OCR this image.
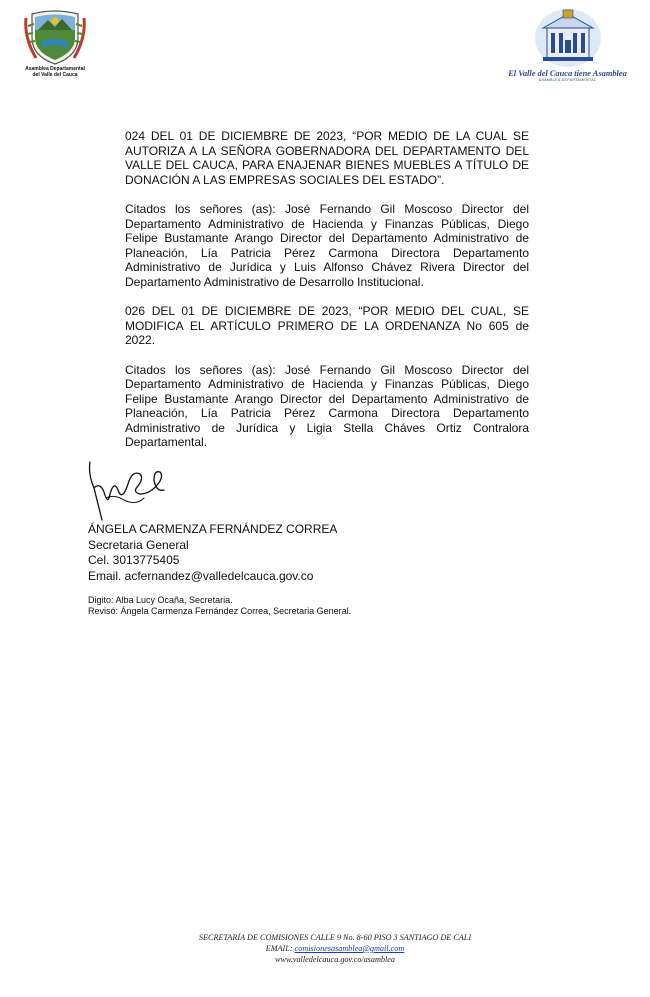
Asamblea Departamental
del Valle del Cauca	El Valle del Cauca tiene Asamblea
ASAMBLEA DEPARTAMENTAL

024 DEL 01 DE DICIEMBRE DE 2023, “POR MEDIO DE LA CUAL SE AUTORIZA A LA SEÑORA GOBERNADORA DEL DEPARTAMENTO DEL VALLE DEL CAUCA, PARA ENAJENAR BIENES MUEBLES A TÍTULO DE DONACIÓN A LAS EMPRESAS SOCIALES DEL ESTADO”.

Citados los señores (as): José Fernando Gil Moscoso Director del Departamento Administrativo de Hacienda y Finanzas Públicas, Diego Felipe Bustamante Arango Director del Departamento Administrativo de Planeación, Lía Patricia Pérez Carmona Directora Departamento Administrativo de Jurídica y Luis Alfonso Chávez Rivera Director del Departamento Administrativo de Desarrollo Institucional.

026 DEL 01 DE DICIEMBRE DE 2023, “POR MEDIO DEL CUAL, SE MODIFICA EL ARTÍCULO PRIMERO DE LA ORDENANZA No 605 de 2022.

Citados los señores (as): José Fernando Gil Moscoso Director del Departamento Administrativo de Hacienda y Finanzas Públicas, Diego Felipe Bustamante Arango Director del Departamento Administrativo de Planeación, Lía Patricia Pérez Carmona Directora Departamento Administrativo de Jurídica y Ligia Stella Cháves Ortiz Contralora Departamental.

ÁNGELA CARMENZA FERNÁNDEZ CORREA
Secretaria General
Cel. 3013775405
Email. acfernandez@valledelcauca.gov.co
Digito: Alba Lucy Ocaña, Secretaria.
Revisó: Ángela Carmenza Fernández Correa, Secretaria General.
SECRETARÍA DE COMISIONES CALLE 9 No. 8-60 PISO 3 SANTIAGO DE CALI
EMAIL: comisionesasamblea@gmail.com
www.valledelcauca.gov.co/asamblea
